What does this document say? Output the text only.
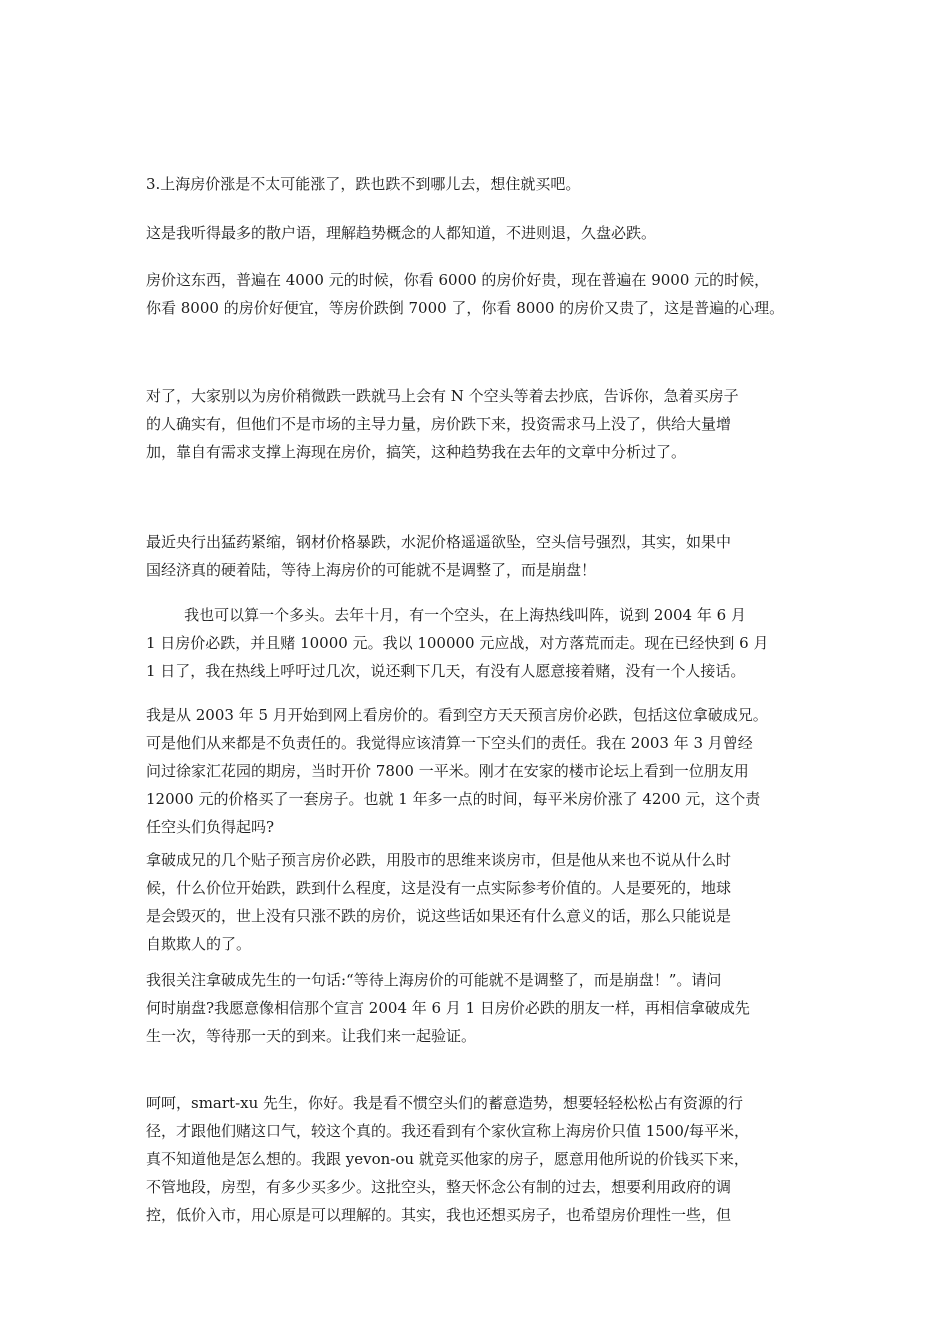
3.上海房价涨是不太可能涨了，跌也跌不到哪儿去，想住就买吧。
这是我听得最多的散户语，理解趋势概念的人都知道，不进则退，久盘必跌。
房价这东西，普遍在 4000 元的时候，你看 6000 的房价好贵，现在普遍在 9000 元的时候，
你看 8000 的房价好便宜，等房价跌倒 7000 了，你看 8000 的房价又贵了，这是普遍的心理。
对了，大家别以为房价稍微跌一跌就马上会有 N 个空头等着去抄底，告诉你，急着买房子
的人确实有，但他们不是市场的主导力量，房价跌下来，投资需求马上没了，供给大量增
加，靠自有需求支撑上海现在房价，搞笑，这种趋势我在去年的文章中分析过了。
最近央行出猛药紧缩，钢材价格暴跌，水泥价格遥遥欲坠，空头信号强烈，其实，如果中
国经济真的硬着陆，等待上海房价的可能就不是调整了，而是崩盘！
我也可以算一个多头。去年十月，有一个空头，在上海热线叫阵，说到 2004 年 6 月
1 日房价必跌，并且赌 10000 元。我以 100000 元应战，对方落荒而走。现在已经快到 6 月
1 日了，我在热线上呼吁过几次，说还剩下几天，有没有人愿意接着赌，没有一个人接话。
我是从 2003 年 5 月开始到网上看房价的。看到空方天天预言房价必跌，包括这位拿破成兄。
可是他们从来都是不负责任的。我觉得应该清算一下空头们的责任。我在 2003 年 3 月曾经
问过徐家汇花园的期房，当时开价 7800 一平米。刚才在安家的楼市论坛上看到一位朋友用
12000 元的价格买了一套房子。也就 1 年多一点的时间，每平米房价涨了 4200 元，这个责
任空头们负得起吗?
拿破成兄的几个贴子预言房价必跌，用股市的思维来谈房市，但是他从来也不说从什么时
候，什么价位开始跌，跌到什么程度，这是没有一点实际参考价值的。人是要死的，地球
是会毁灭的，世上没有只涨不跌的房价，说这些话如果还有什么意义的话，那么只能说是
自欺欺人的了。
我很关注拿破成先生的一句话:“等待上海房价的可能就不是调整了，而是崩盘！”。请问
何时崩盘?我愿意像相信那个宣言 2004 年 6 月 1 日房价必跌的朋友一样，再相信拿破成先
生一次，等待那一天的到来。让我们来一起验证。
呵呵，smart-xu 先生，你好。我是看不惯空头们的蓄意造势，想要轻轻松松占有资源的行
径，才跟他们赌这口气，较这个真的。我还看到有个家伙宣称上海房价只值 1500/每平米，
真不知道他是怎么想的。我跟 yevon-ou 就竞买他家的房子，愿意用他所说的价钱买下来，
不管地段，房型，有多少买多少。这批空头，整天怀念公有制的过去，想要利用政府的调
控，低价入市，用心原是可以理解的。其实，我也还想买房子，也希望房价理性一些，但
